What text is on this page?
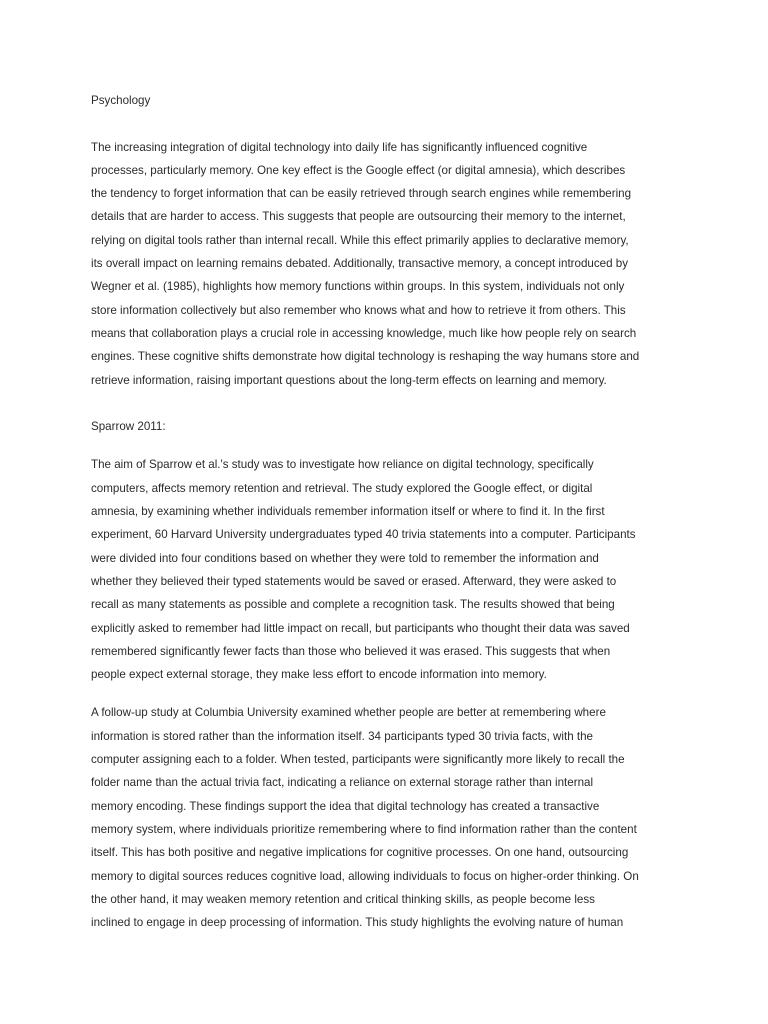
Psychology

The increasing integration of digital technology into daily life has significantly influenced cognitive
processes, particularly memory. One key effect is the Google effect (or digital amnesia), which describes
the tendency to forget information that can be easily retrieved through search engines while remembering
details that are harder to access. This suggests that people are outsourcing their memory to the internet,
relying on digital tools rather than internal recall. While this effect primarily applies to declarative memory,
its overall impact on learning remains debated. Additionally, transactive memory, a concept introduced by
Wegner et al. (1985), highlights how memory functions within groups. In this system, individuals not only
store information collectively but also remember who knows what and how to retrieve it from others. This
means that collaboration plays a crucial role in accessing knowledge, much like how people rely on search
engines. These cognitive shifts demonstrate how digital technology is reshaping the way humans store and
retrieve information, raising important questions about the long-term effects on learning and memory.

Sparrow 2011:

The aim of Sparrow et al.'s study was to investigate how reliance on digital technology, specifically
computers, affects memory retention and retrieval. The study explored the Google effect, or digital
amnesia, by examining whether individuals remember information itself or where to find it. In the first
experiment, 60 Harvard University undergraduates typed 40 trivia statements into a computer. Participants
were divided into four conditions based on whether they were told to remember the information and
whether they believed their typed statements would be saved or erased. Afterward, they were asked to
recall as many statements as possible and complete a recognition task. The results showed that being
explicitly asked to remember had little impact on recall, but participants who thought their data was saved
remembered significantly fewer facts than those who believed it was erased. This suggests that when
people expect external storage, they make less effort to encode information into memory.

A follow-up study at Columbia University examined whether people are better at remembering where
information is stored rather than the information itself. 34 participants typed 30 trivia facts, with the
computer assigning each to a folder. When tested, participants were significantly more likely to recall the
folder name than the actual trivia fact, indicating a reliance on external storage rather than internal
memory encoding. These findings support the idea that digital technology has created a transactive
memory system, where individuals prioritize remembering where to find information rather than the content
itself. This has both positive and negative implications for cognitive processes. On one hand, outsourcing
memory to digital sources reduces cognitive load, allowing individuals to focus on higher-order thinking. On
the other hand, it may weaken memory retention and critical thinking skills, as people become less
inclined to engage in deep processing of information. This study highlights the evolving nature of human
